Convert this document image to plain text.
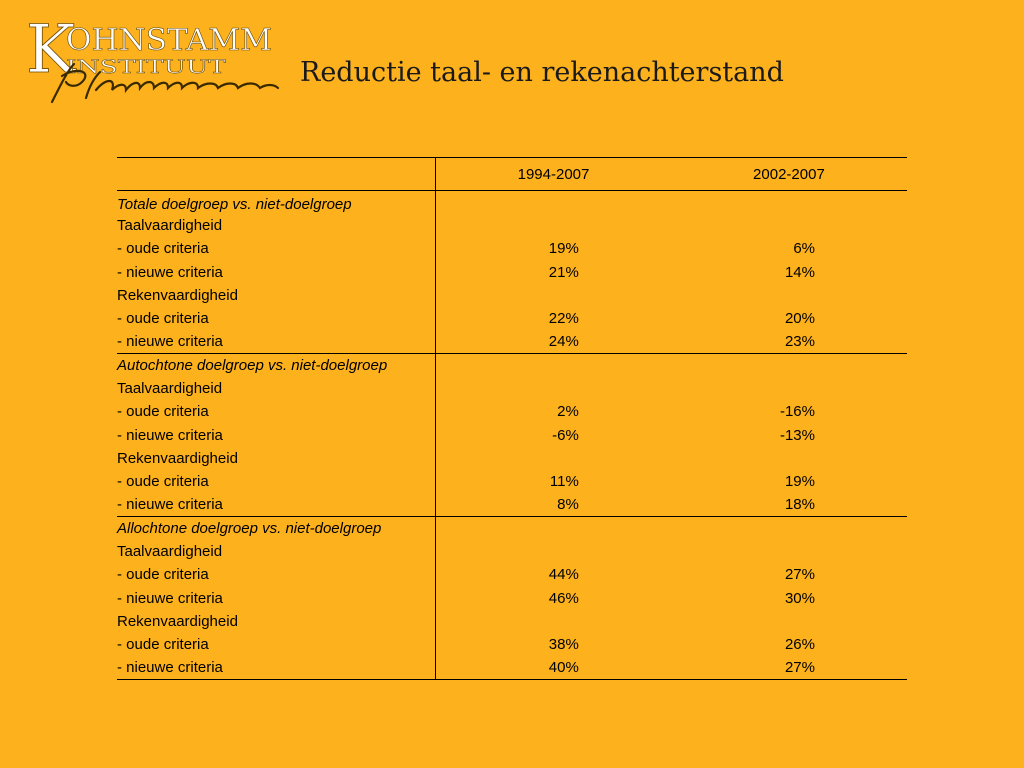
K
OHNSTAMM
INSTITUUT	Reductie taal- en rekenachterstand
	1994-2007	2002-2007
Totale doelgroep vs. niet-doelgroep		
Taalvaardigheid		
- oude criteria	19%	6%
- nieuwe criteria	21%	14%
Rekenvaardigheid		
- oude criteria	22%	20%
- nieuwe criteria	24%	23%
Autochtone doelgroep vs. niet-doelgroep		
Taalvaardigheid		
- oude criteria	2%	-16%
- nieuwe criteria	-6%	-13%
Rekenvaardigheid		
- oude criteria	11%	19%
- nieuwe criteria	8%	18%
Allochtone doelgroep vs. niet-doelgroep		
Taalvaardigheid		
- oude criteria	44%	27%
- nieuwe criteria	46%	30%
Rekenvaardigheid		
- oude criteria	38%	26%
- nieuwe criteria	40%	27%
